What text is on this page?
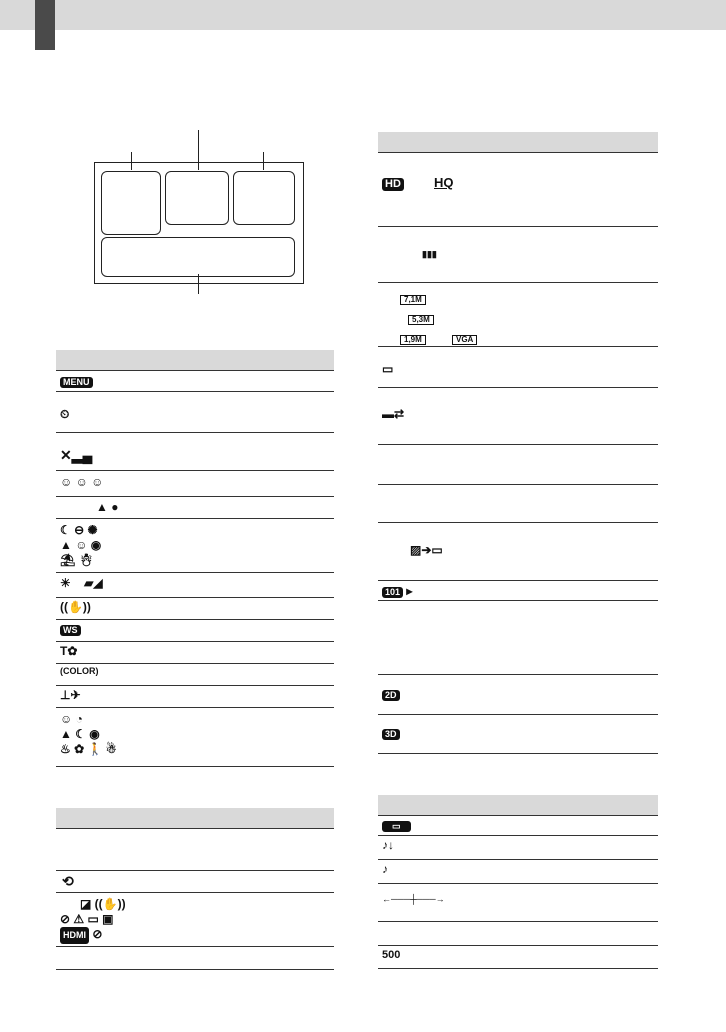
MENU
⏲
✕▂▄
☺ ☺ ☺
▲ ●
☾ ⊖ ✺
▲ ☺ ◉
⛱ ☃
☀    ▰◢
((✋))
WS
T✿
(COLOR)
⊥✈
☺ ◔
▲ ☾ ◉
♨ ✿ 🚶 ☃
⟲
◪ ((✋))
⊘ ⚠ ▭ ▣
HDMI ⊘
HD	HQ
▮▮▮
7,1M
5,3M
1,9M	VGA
▭
▬⇄
▨➔▭
101 ▸
2D
3D
▭
♪↓
♪
←───┼───→
500
